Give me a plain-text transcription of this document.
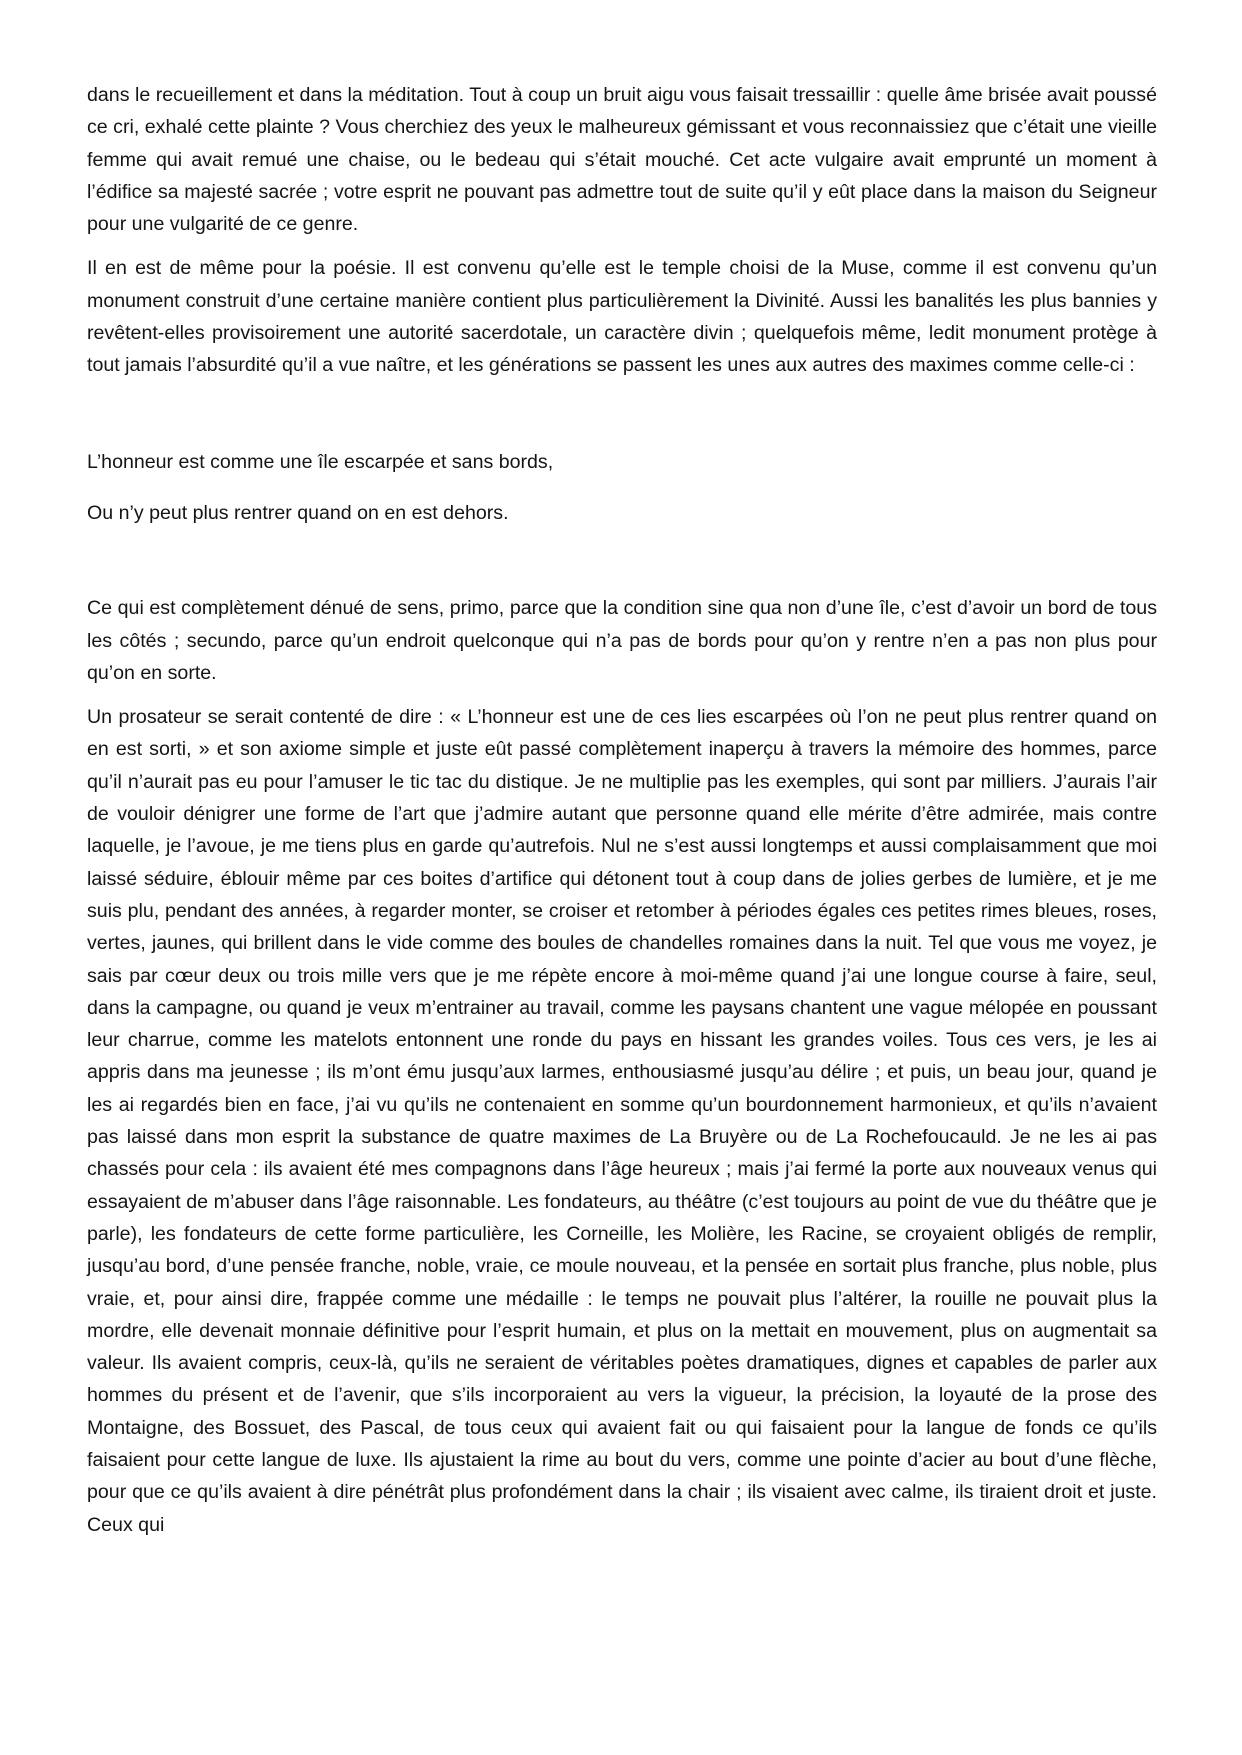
dans le recueillement et dans la méditation. Tout à coup un bruit aigu vous faisait tressaillir : quelle âme brisée avait poussé ce cri, exhalé cette plainte ? Vous cherchiez des yeux le malheureux gémissant et vous reconnaissiez que c’était une vieille femme qui avait remué une chaise, ou le bedeau qui s’était mouché. Cet acte vulgaire avait emprunté un moment à l’édifice sa majesté sacrée ; votre esprit ne pouvant pas admettre tout de suite qu’il y eût place dans la maison du Seigneur pour une vulgarité de ce genre.

Il en est de même pour la poésie. Il est convenu qu’elle est le temple choisi de la Muse, comme il est convenu qu’un monument construit d’une certaine manière contient plus particulièrement la Divinité. Aussi les banalités les plus bannies y revêtent-elles provisoirement une autorité sacerdotale, un caractère divin ; quelquefois même, ledit monument protège à tout jamais l’absurdité qu’il a vue naître, et les générations se passent les unes aux autres des maximes comme celle-ci :

L’honneur est comme une île escarpée et sans bords,

Ou n’y peut plus rentrer quand on en est dehors.

Ce qui est complètement dénué de sens, primo, parce que la condition sine qua non d’une île, c’est d’avoir un bord de tous les côtés ; secundo, parce qu’un endroit quelconque qui n’a pas de bords pour qu’on y rentre n’en a pas non plus pour qu’on en sorte.

Un prosateur se serait contenté de dire : « L’honneur est une de ces lies escarpées où l’on ne peut plus rentrer quand on en est sorti, » et son axiome simple et juste eût passé complètement inaperçu à travers la mémoire des hommes, parce qu’il n’aurait pas eu pour l’amuser le tic tac du distique. Je ne multiplie pas les exemples, qui sont par milliers. J’aurais l’air de vouloir dénigrer une forme de l’art que j’admire autant que personne quand elle mérite d’être admirée, mais contre laquelle, je l’avoue, je me tiens plus en garde qu’autrefois. Nul ne s’est aussi longtemps et aussi complaisamment que moi laissé séduire, éblouir même par ces boites d’artifice qui détonent tout à coup dans de jolies gerbes de lumière, et je me suis plu, pendant des années, à regarder monter, se croiser et retomber à périodes égales ces petites rimes bleues, roses, vertes, jaunes, qui brillent dans le vide comme des boules de chandelles romaines dans la nuit. Tel que vous me voyez, je sais par cœur deux ou trois mille vers que je me répète encore à moi-même quand j’ai une longue course à faire, seul, dans la campagne, ou quand je veux m’entrainer au travail, comme les paysans chantent une vague mélopée en poussant leur charrue, comme les matelots entonnent une ronde du pays en hissant les grandes voiles. Tous ces vers, je les ai appris dans ma jeunesse ; ils m’ont ému jusqu’aux larmes, enthousiasmé jusqu’au délire ; et puis, un beau jour, quand je les ai regardés bien en face, j’ai vu qu’ils ne contenaient en somme qu’un bourdonnement harmonieux, et qu’ils n’avaient pas laissé dans mon esprit la substance de quatre maximes de La Bruyère ou de La Rochefoucauld. Je ne les ai pas chassés pour cela : ils avaient été mes compagnons dans l’âge heureux ; mais j’ai fermé la porte aux nouveaux venus qui essayaient de m’abuser dans l’âge raisonnable. Les fondateurs, au théâtre (c’est toujours au point de vue du théâtre que je parle), les fondateurs de cette forme particulière, les Corneille, les Molière, les Racine, se croyaient obligés de remplir, jusqu’au bord, d’une pensée franche, noble, vraie, ce moule nouveau, et la pensée en sortait plus franche, plus noble, plus vraie, et, pour ainsi dire, frappée comme une médaille : le temps ne pouvait plus l’altérer, la rouille ne pouvait plus la mordre, elle devenait monnaie définitive pour l’esprit humain, et plus on la mettait en mouvement, plus on augmentait sa valeur. Ils avaient compris, ceux-là, qu’ils ne seraient de véritables poètes dramatiques, dignes et capables de parler aux hommes du présent et de l’avenir, que s’ils incorporaient au vers la vigueur, la précision, la loyauté de la prose des Montaigne, des Bossuet, des Pascal, de tous ceux qui avaient fait ou qui faisaient pour la langue de fonds ce qu’ils faisaient pour cette langue de luxe. Ils ajustaient la rime au bout du vers, comme une pointe d’acier au bout d’une flèche, pour que ce qu’ils avaient à dire pénétrât plus profondément dans la chair ; ils visaient avec calme, ils tiraient droit et juste. Ceux qui
